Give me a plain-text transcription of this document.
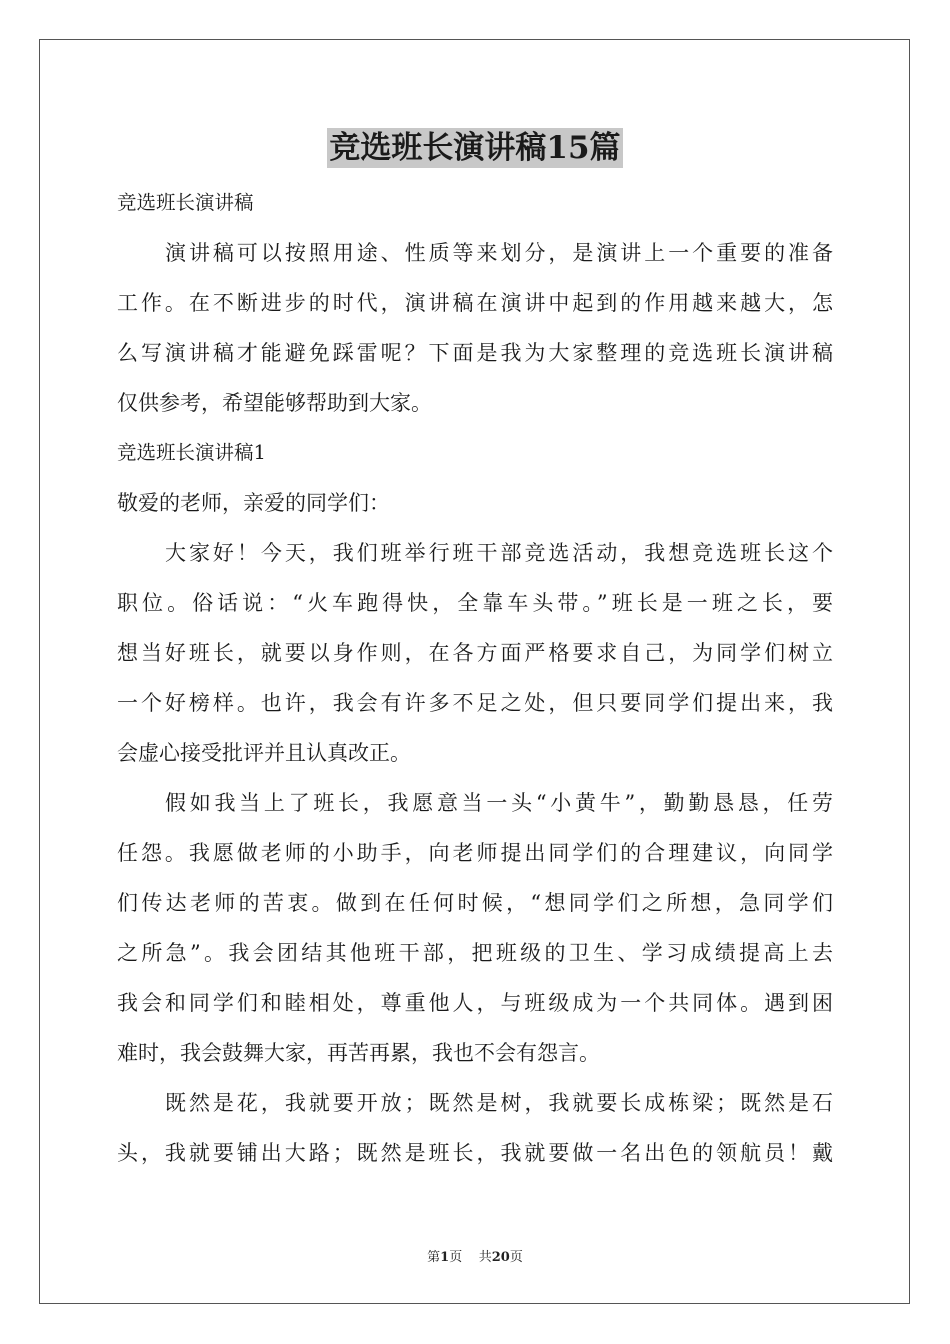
竞选班长演讲稿15篇
竞选班长演讲稿
演讲稿可以按照用途、性质等来划分，是演讲上一个重要的准备
工作。在不断进步的时代，演讲稿在演讲中起到的作用越来越大，怎
么写演讲稿才能避免踩雷呢？下面是我为大家整理的竞选班长演讲稿
仅供参考，希望能够帮助到大家。
竞选班长演讲稿1
敬爱的老师，亲爱的同学们：
大家好！今天，我们班举行班干部竞选活动，我想竞选班长这个
职位。俗话说：“火车跑得快，全靠车头带。”班长是一班之长，要
想当好班长，就要以身作则，在各方面严格要求自己，为同学们树立
一个好榜样。也许，我会有许多不足之处，但只要同学们提出来，我
会虚心接受批评并且认真改正。
假如我当上了班长，我愿意当一头“小黄牛”，勤勤恳恳，任劳
任怨。我愿做老师的小助手，向老师提出同学们的合理建议，向同学
们传达老师的苦衷。做到在任何时候，“想同学们之所想，急同学们
之所急”。我会团结其他班干部，把班级的卫生、学习成绩提高上去
我会和同学们和睦相处，尊重他人，与班级成为一个共同体。遇到困
难时，我会鼓舞大家，再苦再累，我也不会有怨言。
既然是花，我就要开放；既然是树，我就要长成栋梁；既然是石
头，我就要铺出大路；既然是班长，我就要做一名出色的领航员！戴
第1页 共20页
